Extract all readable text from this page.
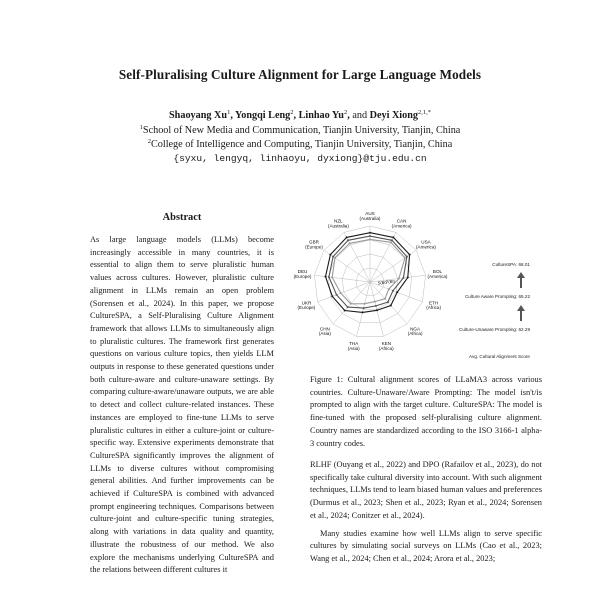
Self-Pluralising Culture Alignment for Large Language Models
Shaoyang Xu$^1$, Yongqi Leng$^2$, Linhao Yu$^2$, and Deyi Xiong$^{2,1,*}$
$^1$School of New Media and Communication, Tianjin University, Tianjin, China
$^2$College of Intelligence and Computing, Tianjin University, Tianjin, China
{syxu, lengyq, linhaoyu, dyxiong}@tju.edu.cn
Abstract
As large language models (LLMs) become increasingly accessible in many countries, it is essential to align them to serve pluralistic human values across cultures. However, pluralistic culture alignment in LLMs remain an open problem (Sorensen et al., 2024). In this paper, we propose CultureSPA, a Self-Pluralising Culture Alignment framework that allows LLMs to simultaneously align to pluralistic cultures. The framework first generates questions on various culture topics, then yields LLM outputs in response to these generated questions under both culture-aware and culture-unaware settings. By comparing culture-aware/unaware outputs, we are able to detect and collect culture-related instances. These instances are employed to fine-tune LLMs to serve pluralistic cultures in either a culture-joint or culture-specific way. Extensive experiments demonstrate that CultureSPA significantly improves the alignment of LLMs to diverse cultures without compromising general abilities. And further improvements can be achieved if CultureSPA is combined with advanced prompt engineering techniques. Comparisons between culture-joint and culture-specific tuning strategies, along with variations in data quality and quantity, illustrate the robustness of our method. We also explore the mechanisms underlying CultureSPA and the relations between different cultures it
50
60
70
80
AUS (Australia)
CAN (America)
USA (America)
BOL (America)
ETH (Africa)
NGA (Africa)
KEN (Africa)
THA (Asia)
CHN (Asia)
UKR (Europe)
DEU (Europe)
GBR (Europe)
NZL (Australia)
CultureSPA: 68.01
Culture Aware Prompting: 65.22
Culture-Unaware Prompting: 62.29
Avg. Cultural Alignment Score
Figure 1: Cultural alignment scores of LLaMA3 across various countries. Culture-Unaware/Aware Prompting: The model isn't/is prompted to align with the target culture. CultureSPA: The model is fine-tuned with the proposed self-pluralising culture alignment. Country names are standardized according to the ISO 3166-1 alpha-3 country codes.

RLHF (Ouyang et al., 2022) and DPO (Rafailov et al., 2023), do not specifically take cultural diversity into account. With such alignment techniques, LLMs tend to learn biased human values and preferences (Durmus et al., 2023; Shen et al., 2023; Ryan et al., 2024; Sorensen et al., 2024; Conitzer et al., 2024).

Many studies examine how well LLMs align to serve specific cultures by simulating social surveys on LLMs (Cao et al., 2023; Wang et al., 2024; Chen et al., 2024; Arora et al., 2023;
